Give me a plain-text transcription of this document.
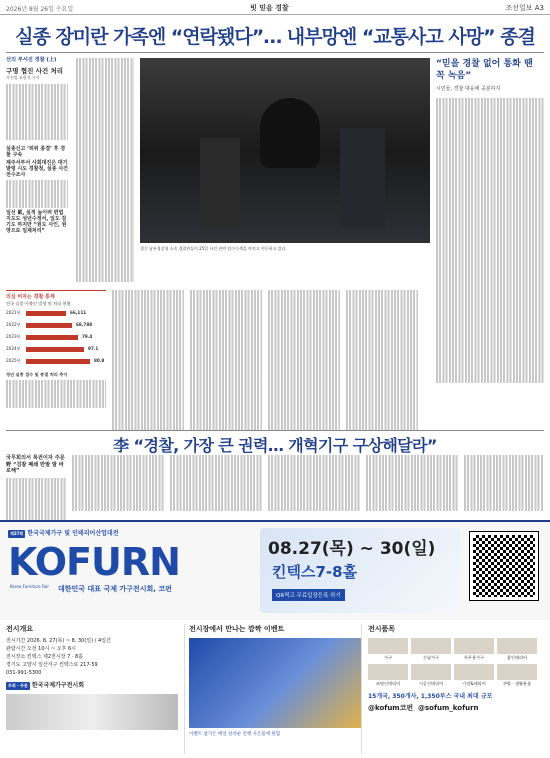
2026년 8월 26일 수요일	빗 믿음 경찰	조선일보 A3
실종 장미란 가족엔 “연락됐다”… 내부망엔 “교통사고 사망” 종결
선의 부서진 경찰 (上)
구명 협진 사건 처리
사건팀 조원석 기자
실종신고 ‘허위 종결’ 후 경찰 구속
제주서부서 사회대진은 대기발령 시도 경찰청, 실종 사건 전수조사
일선 累, 실적 높이려 편법 지도도 성년수정서, 일도 걸기도 하지만 “원도 사인, 원망으로 일제처리”
의심 비자는 경찰 통계
전국 실종·가출인 발생 및 처리 현황
2021년	66,111
2022년	68,788
2023년	79.4
2024년	97.1
2025년	80.8
정년 실종 접수 및 종결 처리 추이
경기 남부경찰청 소속 경찰관들이 25일 사건 관련 압수수색을 마치고 이동하고 있다.
“믿을 경찰 없어 통화 땐 꼭 녹음”
시민들, 경찰 대응에 공분하지
李 “경찰, 가장 큰 권력… 개혁기구 구상해달라”
국무회의서 특권이자 주문
野 “검찰 폐쇄 반발 말 바로해”
제37회 한국국제가구 및 인테리어산업대전
KOFURN
Korea Furniture Fair 대한민국 대표 국제 가구전시회, 코펀
08.27(목) ~ 30(일)
킨텍스7-8홀
QR찍고 무료입장등록 하기
전시개요
전시기간 2026. 8. 27(목) ~ 8. 30(일) / 4일간
관람시간 오전 10시 ~ 오후 6시
전시장소 킨텍스 제2전시장 7 · 8홀
경기도 고양시 일산서구 킨텍스로 217-59
031-991-5300
주최 · 주관 한국국제가구전시회
전시장에서 만나는 깜짝 이벤트
이벤트 참가은 매일 선착순 진행 사은품에 한함
전시품목
가구	수납가구	사무용가구	홈인테리어
조명인테리어	시공인테리어	가전&테리어	주방 · 생활용품
15개국, 350개사, 1,350부스 국내 최대 규모
@kofum코펀 @sofum_kofurn
